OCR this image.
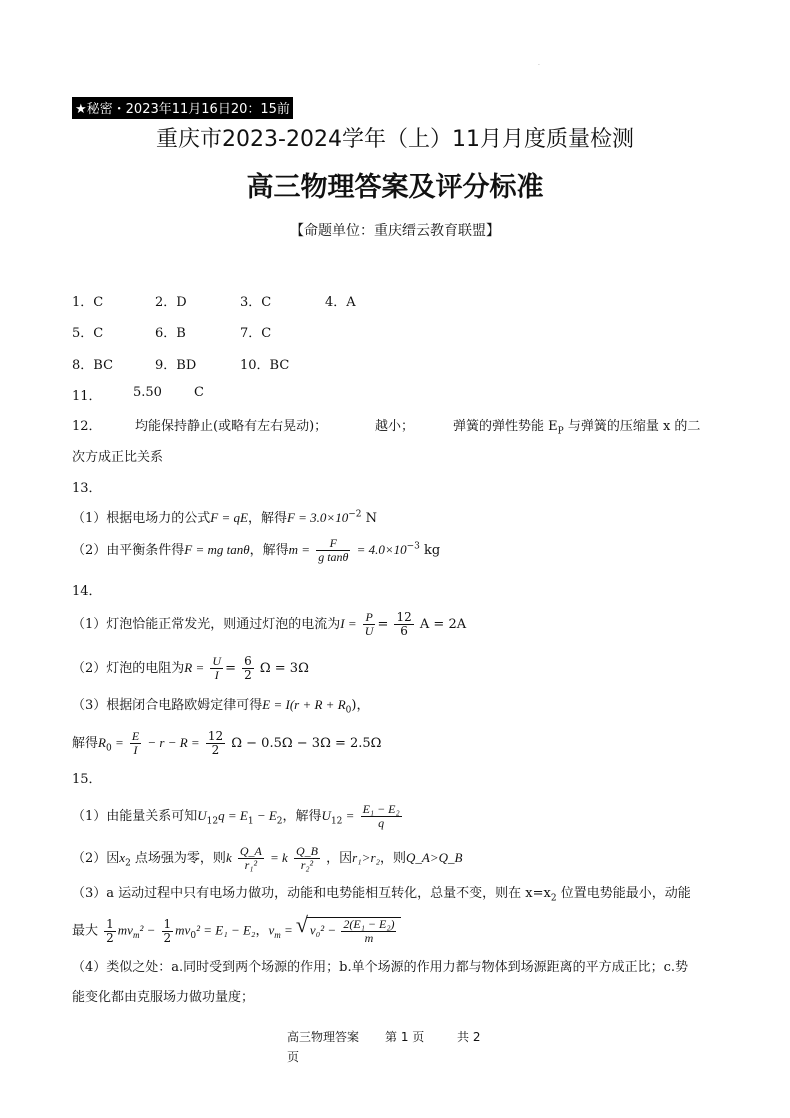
·
★秘密・2023年11月16日20：15前
重庆市2023-2024学年（上）11月月度质量检测
高三物理答案及评分标准
【命题单位：重庆缙云教育联盟】
1．C	2．D	3．C	4．A
5．C	6．B	7．C
8．BC	9．BD	10．BC
11． 5.50 C
12．	均能保持静止(或略有左右晃动)；	越小；	弹簧的弹性势能 $E_P$ 与弹簧的压缩量 x 的二
次方成正比关系
13．
（1）根据电场力的公式F = qE，解得$F = 3.0\times 10^{-2}$ N
（2）由平衡条件得F = mg tanθ，解得$m = \frac{F}{\text{g tanθ}} = 4.0\times 10^{-3}$ kg
14．
（1）灯泡恰能正常发光，则通过灯泡的电流为$I = \frac{P}{U} = \frac{12}{6}$ A = 2A
（2）灯泡的电阻为$R = \frac{U}{I} = \frac{6}{2}$ Ω = 3Ω
（3）根据闭合电路欧姆定律可得$E = I(r + R + R_0)$，
解得$R_0 = \frac{E}{I} - r - R = \frac{12}{2}$ Ω − 0.5Ω − 3Ω = 2.5Ω
15．
（1）由能量关系可知$U_{12}q = E_1 - E_2$，解得$U_{12} = \frac{\text{E₁ − E₂}}{q}$
（2）因$x_2$ 点场强为零，则k $\frac{Q\_A}{\text{r₁²}} = k \frac{Q\_B}{\text{r₂²}}$ ，因r₁>r₂，则Q_A>Q_B
（3）a 运动过程中只有电场力做功，动能和电势能相互转化，总量不变，则在 $x=x_2$ 位置电势能最小，动能
最大 $\frac{1}{2} mv_m^2 - \frac{1}{2} mv_0^2 = E_1 - E_2$，$v_m$ = √ $v_0^2 - \frac{\text{2(E₁ − E₂)}}{m}$
（4）类似之处：a.同时受到两个场源的作用；b.单个场源的作用力都与物体到场源距离的平方成正比；c.势
能变化都由克服场力做功量度；
高三物理答案 第 1 页	共 2
页
